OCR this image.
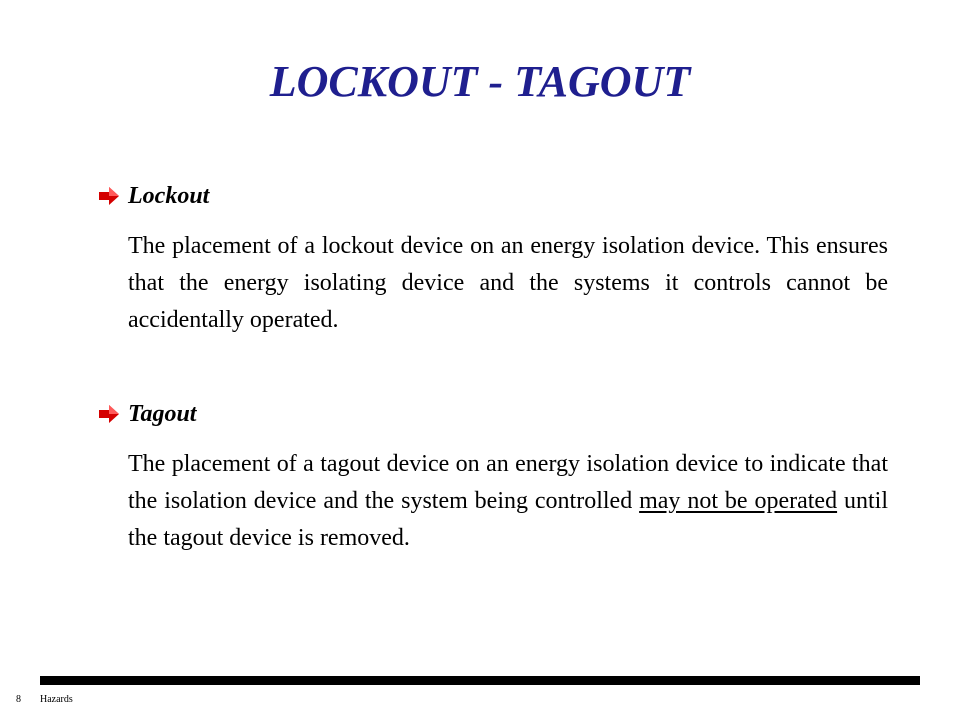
LOCKOUT - TAGOUT
Lockout

The placement of a lockout device on an energy isolation device. This ensures that the energy isolating device and the systems it controls cannot be accidentally operated.

Tagout

The placement of a tagout device on an energy isolation device to indicate that the isolation device and the system being controlled may not be operated until the tagout device is removed.

8 Hazards
